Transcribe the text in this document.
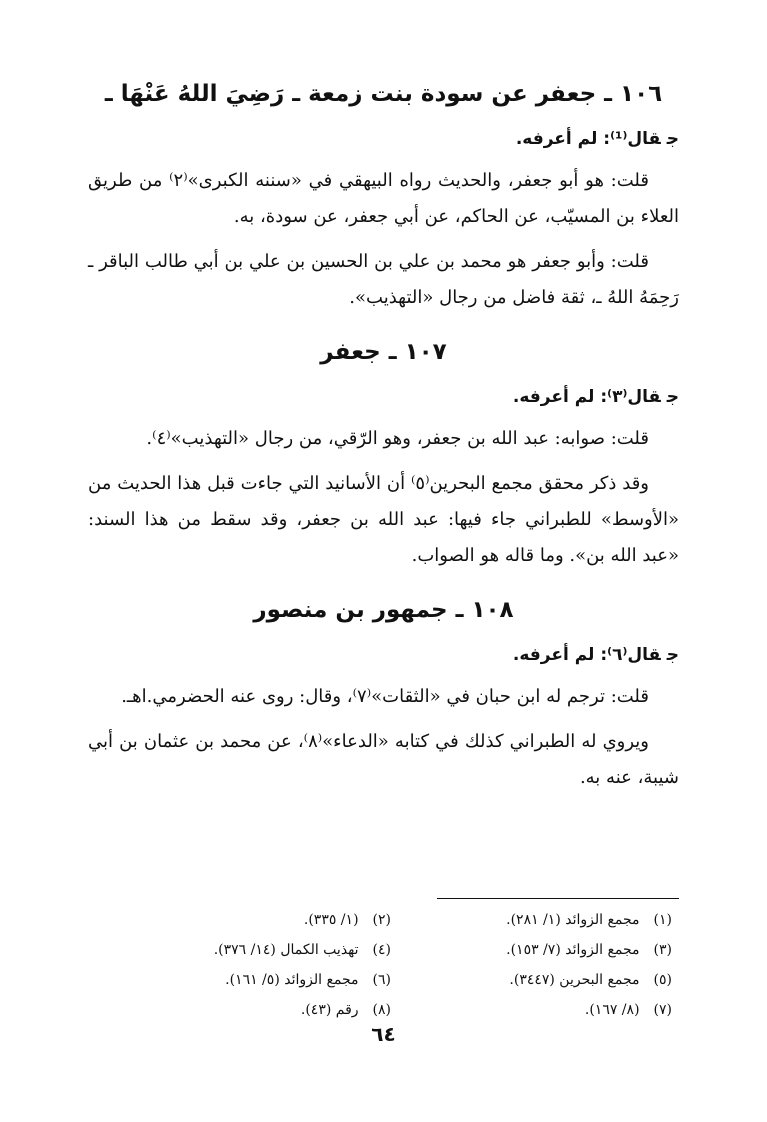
١٠٦ ـ جعفر عن سودة بنت زمعة ـ رَضِيَ اللهُ عَنْهَا ـ
جقال⁽¹⁾: لم أعرفه.

قلت: هو أبو جعفر، والحديث رواه البيهقي في «سننه الكبرى»⁽٢⁾ من طريق العلاء بن المسيّب، عن الحاكم، عن أبي جعفر، عن سودة، به.

قلت: وأبو جعفر هو محمد بن علي بن الحسين بن علي بن أبي طالب الباقر ـ رَحِمَهُ اللهُ ـ، ثقة فاضل من رجال «التهذيب».

١٠٧ ـ جعفر
جقال⁽٣⁾: لم أعرفه.

قلت: صوابه: عبد الله بن جعفر، وهو الرّقي، من رجال «التهذيب»⁽٤⁾.

وقد ذكر محقق مجمع البحرين⁽٥⁾ أن الأسانيد التي جاءت قبل هذا الحديث من «الأوسط» للطبراني جاء فيها: عبد الله بن جعفر، وقد سقط من هذا السند: «عبد الله بن». وما قاله هو الصواب.

١٠٨ ـ جمهور بن منصور
جقال⁽٦⁾: لم أعرفه.

قلت: ترجم له ابن حبان في «الثقات»⁽٧⁾، وقال: روى عنه الحضرمي.اهـ.

ويروي له الطبراني كذلك في كتابه «الدعاء»⁽٨⁾، عن محمد بن عثمان بن أبي شيبة، عنه به.

(١)مجمع الزوائد (١/ ٢٨١).
(٢)(١/ ٣٣٥).
(٣)مجمع الزوائد (٧/ ١٥٣).
(٤)تهذيب الكمال (١٤/ ٣٧٦).
(٥)مجمع البحرين (٣٤٤٧).
(٦)مجمع الزوائد (٥/ ١٦١).
(٧)(٨/ ١٦٧).
(٨)رقم (٤٣).
٦٤
